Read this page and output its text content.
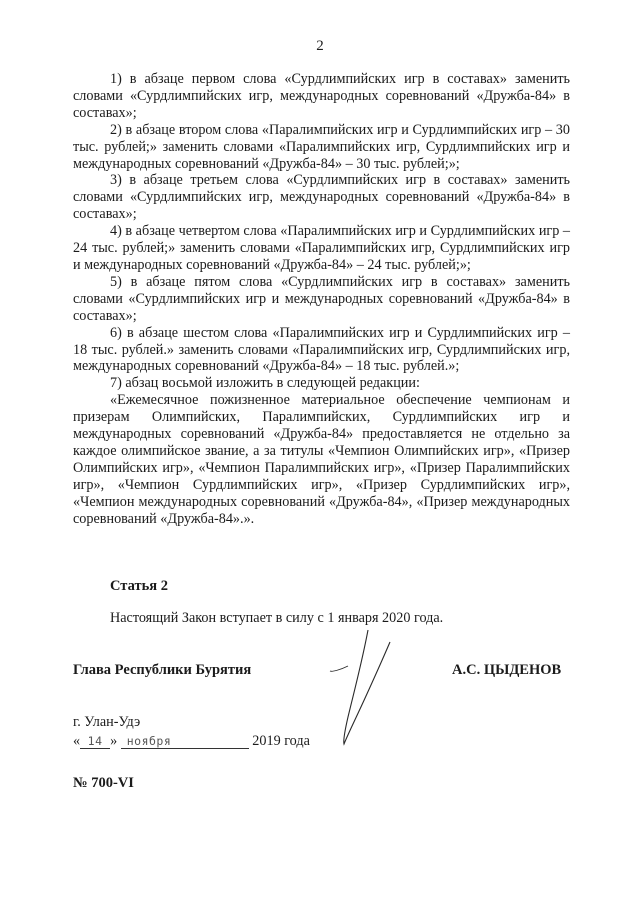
2

1) в абзаце первом слова «Сурдлимпийских игр в составах» заменить словами «Сурдлимпийских игр, международных соревнований «Дружба-84» в составах»;

2) в абзаце втором слова «Паралимпийских игр и Сурдлимпийских игр – 30 тыс. рублей;» заменить словами «Паралимпийских игр, Сурдлимпийских игр и международных соревнований «Дружба-84» – 30 тыс. рублей;»;

3) в абзаце третьем слова «Сурдлимпийских игр в составах» заменить словами «Сурдлимпийских игр, международных соревнований «Дружба-84» в составах»;

4) в абзаце четвертом слова «Паралимпийских игр и Сурдлимпийских игр – 24 тыс. рублей;» заменить словами «Паралимпийских игр, Сурдлимпийских игр и международных соревнований «Дружба-84» – 24 тыс. рублей;»;

5) в абзаце пятом слова «Сурдлимпийских игр в составах» заменить словами «Сурдлимпийских игр и международных соревнований «Дружба-84» в составах»;

6) в абзаце шестом слова «Паралимпийских игр и Сурдлимпийских игр – 18 тыс. рублей.» заменить словами «Паралимпийских игр, Сурдлимпийских игр, международных соревнований «Дружба-84» – 18 тыс. рублей.»;

7) абзац восьмой изложить в следующей редакции:

«Ежемесячное пожизненное материальное обеспечение чемпионам и призерам Олимпийских, Паралимпийских, Сурдлимпийских игр и международных соревнований «Дружба-84» предоставляется не отдельно за каждое олимпийское звание, а за титулы «Чемпион Олимпийских игр», «Призер Олимпийских игр», «Чемпион Паралимпийских игр», «Призер Паралимпийских игр», «Чемпион Сурдлимпийских игр», «Призер Сурдлимпийских игр», «Чемпион международных соревнований «Дружба-84», «Призер международных соревнований «Дружба-84».».

Статья 2
Настоящий Закон вступает в силу с 1 января 2020 года.
Глава Республики Бурятия	А.С. ЦЫДЕНОВ
г. Улан-Удэ
« 14 » ноября	2019 года
№ 700-VI
